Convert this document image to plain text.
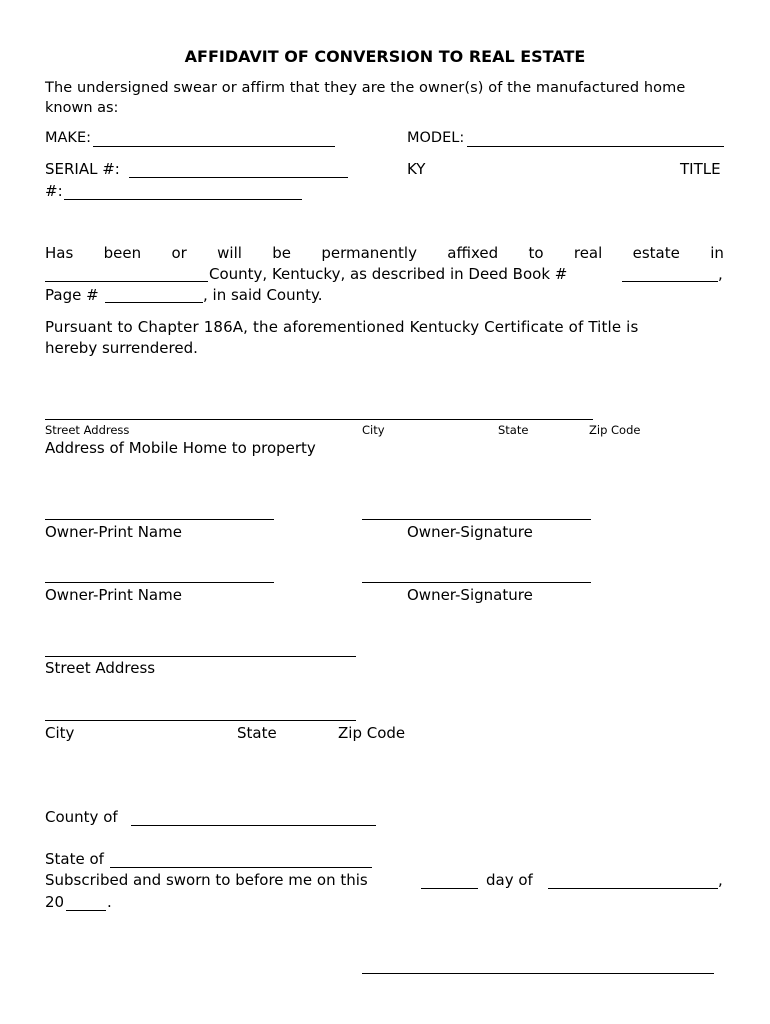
AFFIDAVIT OF CONVERSION TO REAL ESTATE
The undersigned swear or affirm that they are the owner(s) of the manufactured home
known as:
MAKE:	MODEL:
SERIAL #:	KY	TITLE
#:
Has been or will be permanently affixed to real estate in
County, Kentucky, as described in Deed Book #	,
Page #	, in said County.
Pursuant to Chapter 186A, the aforementioned Kentucky Certificate of Title is
hereby surrendered.
Street Address	City	State	Zip Code
Address of Mobile Home to property
Owner-Print Name	Owner-Signature
Owner-Print Name	Owner-Signature
Street Address
City	State	Zip Code
County of
State of
Subscribed and sworn to before me on this	day of	,
20	.
